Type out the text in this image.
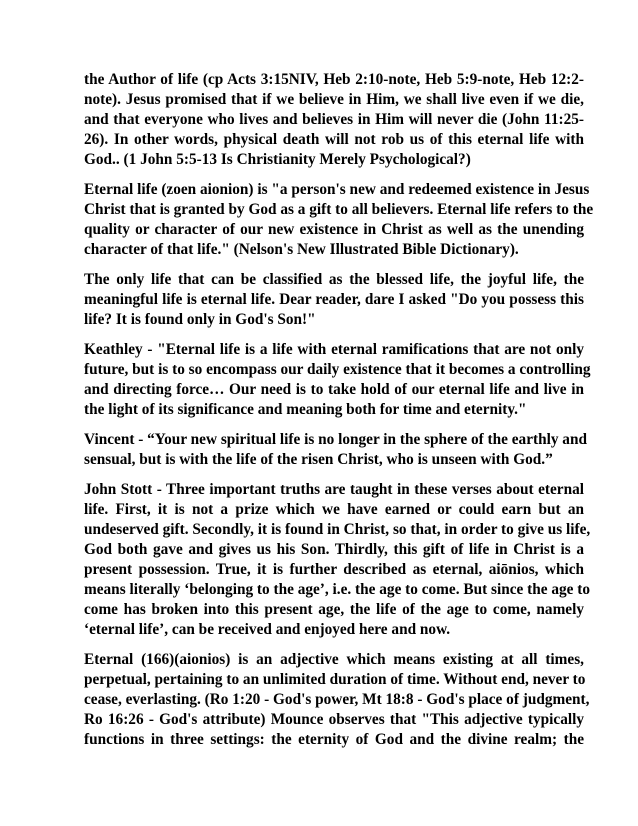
the Author of life (cp Acts 3:15NIV, Heb 2:10-note, Heb 5:9-note, Heb 12:2-
note). Jesus promised that if we believe in Him, we shall live even if we die,
and that everyone who lives and believes in Him will never die (John 11:25-
26). In other words, physical death will not rob us of this eternal life with
God.. (1 John 5:5-13 Is Christianity Merely Psychological?)
Eternal life (zoen aionion) is "a person's new and redeemed existence in Jesus
Christ that is granted by God as a gift to all believers. Eternal life refers to the
quality or character of our new existence in Christ as well as the unending
character of that life." (Nelson's New Illustrated Bible Dictionary).
The only life that can be classified as the blessed life, the joyful life, the
meaningful life is eternal life. Dear reader, dare I asked "Do you possess this
life? It is found only in God's Son!"
Keathley - "Eternal life is a life with eternal ramifications that are not only
future, but is to so encompass our daily existence that it becomes a controlling
and directing force… Our need is to take hold of our eternal life and live in
the light of its significance and meaning both for time and eternity."
Vincent - “Your new spiritual life is no longer in the sphere of the earthly and
sensual, but is with the life of the risen Christ, who is unseen with God.”
John Stott - Three important truths are taught in these verses about eternal
life. First, it is not a prize which we have earned or could earn but an
undeserved gift. Secondly, it is found in Christ, so that, in order to give us life,
God both gave and gives us his Son. Thirdly, this gift of life in Christ is a
present possession. True, it is further described as eternal, aiōnios, which
means literally ‘belonging to the age’, i.e. the age to come. But since the age to
come has broken into this present age, the life of the age to come, namely
‘eternal life’, can be received and enjoyed here and now.
Eternal (166)(aionios) is an adjective which means existing at all times,
perpetual, pertaining to an unlimited duration of time. Without end, never to
cease, everlasting. (Ro 1:20 - God's power, Mt 18:8 - God's place of judgment,
Ro 16:26 - God's attribute) Mounce observes that "This adjective typically
functions in three settings: the eternity of God and the divine realm; the
